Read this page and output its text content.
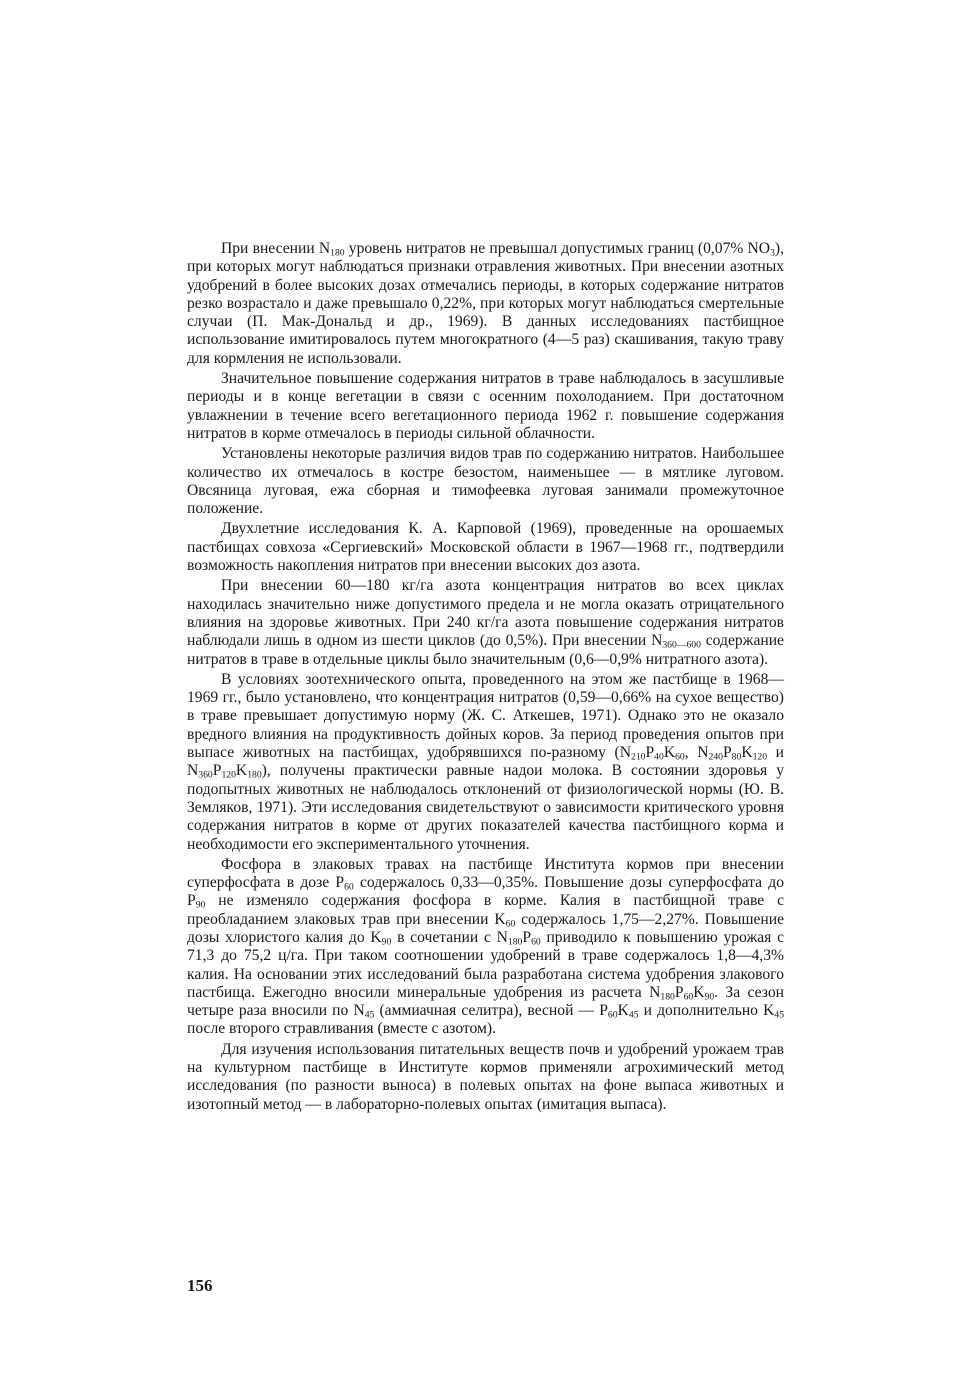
При внесении $N_{180}$ уровень нитратов не превышал допустимых границ (0,07% $NO_3$), при которых могут наблюдаться признаки отравления животных. При внесении азотных удобрений в более высоких дозах отмечались периоды, в которых содержание нитратов резко возрастало и даже превышало 0,22%, при которых могут наблюдаться смертельные случаи (П. Мак-Дональд и др., 1969). В данных исследованиях пастбищное использование имитировалось путем многократного (4—5 раз) скашивания, такую траву для кормления не использовали.

Значительное повышение содержания нитратов в траве наблюдалось в засушливые периоды и в конце вегетации в связи с осенним похолоданием. При достаточном увлажнении в течение всего вегетационного периода 1962 г. повышение содержания нитратов в корме отмечалось в периоды сильной облачности.

Установлены некоторые различия видов трав по содержанию нитратов. Наибольшее количество их отмечалось в костре безостом, наименьшее — в мятлике луговом. Овсяница луговая, ежа сборная и тимофеевка луговая занимали промежуточное положение.

Двухлетние исследования К. А. Карповой (1969), проведенные на орошаемых пастбищах совхоза «Сергиевский» Московской области в 1967—1968 гг., подтвердили возможность накопления нитратов при внесении высоких доз азота.

При внесении 60—180 кг/га азота концентрация нитратов во всех циклах находилась значительно ниже допустимого предела и не могла оказать отрицательного влияния на здоровье животных. При 240 кг/га азота повышение содержания нитратов наблюдали лишь в одном из шести циклов (до 0,5%). При внесении $N_{360—600}$ содержание нитратов в траве в отдельные циклы было значительным (0,6—0,9% нитратного азота).

В условиях зоотехнического опыта, проведенного на этом же пастбище в 1968—1969 гг., было установлено, что концентрация нитратов (0,59—0,66% на сухое вещество) в траве превышает допустимую норму (Ж. С. Аткешев, 1971). Однако это не оказало вредного влияния на продуктивность дойных коров. За период проведения опытов при выпасе животных на пастбищах, удобрявшихся по-разному ($N_{210}P_{40}K_{60}$, $N_{240}P_{80}K_{120}$ и $N_{360}P_{120}K_{180}$), получены практически равные надои молока. В состоянии здоровья у подопытных животных не наблюдалось отклонений от физиологической нормы (Ю. В. Земляков, 1971). Эти исследования свидетельствуют о зависимости критического уровня содержания нитратов в корме от других показателей качества пастбищного корма и необходимости его экспериментального уточнения.

Фосфора в злаковых травах на пастбище Института кормов при внесении суперфосфата в дозе $P_{60}$ содержалось 0,33—0,35%. Повышение дозы суперфосфата до $P_{90}$ не изменяло содержания фосфора в корме. Калия в пастбищной траве с преобладанием злаковых трав при внесении $K_{60}$ содержалось 1,75—2,27%. Повышение дозы хлористого калия до $K_{90}$ в сочетании с $N_{180}P_{60}$ приводило к повышению урожая с 71,3 до 75,2 ц/га. При таком соотношении удобрений в траве содержалось 1,8—4,3% калия. На основании этих исследований была разработана система удобрения злакового пастбища. Ежегодно вносили минеральные удобрения из расчета $N_{180}P_{60}K_{90}$. За сезон четыре раза вносили по $N_{45}$ (аммиачная селитра), весной — $P_{60}K_{45}$ и дополнительно $K_{45}$ после второго стравливания (вместе с азотом).

Для изучения использования питательных веществ почв и удобрений урожаем трав на культурном пастбище в Институте кормов применяли агрохимический метод исследования (по разности выноса) в полевых опытах на фоне выпаса животных и изотопный метод — в лабораторно-полевых опытах (имитация выпаса).

156
